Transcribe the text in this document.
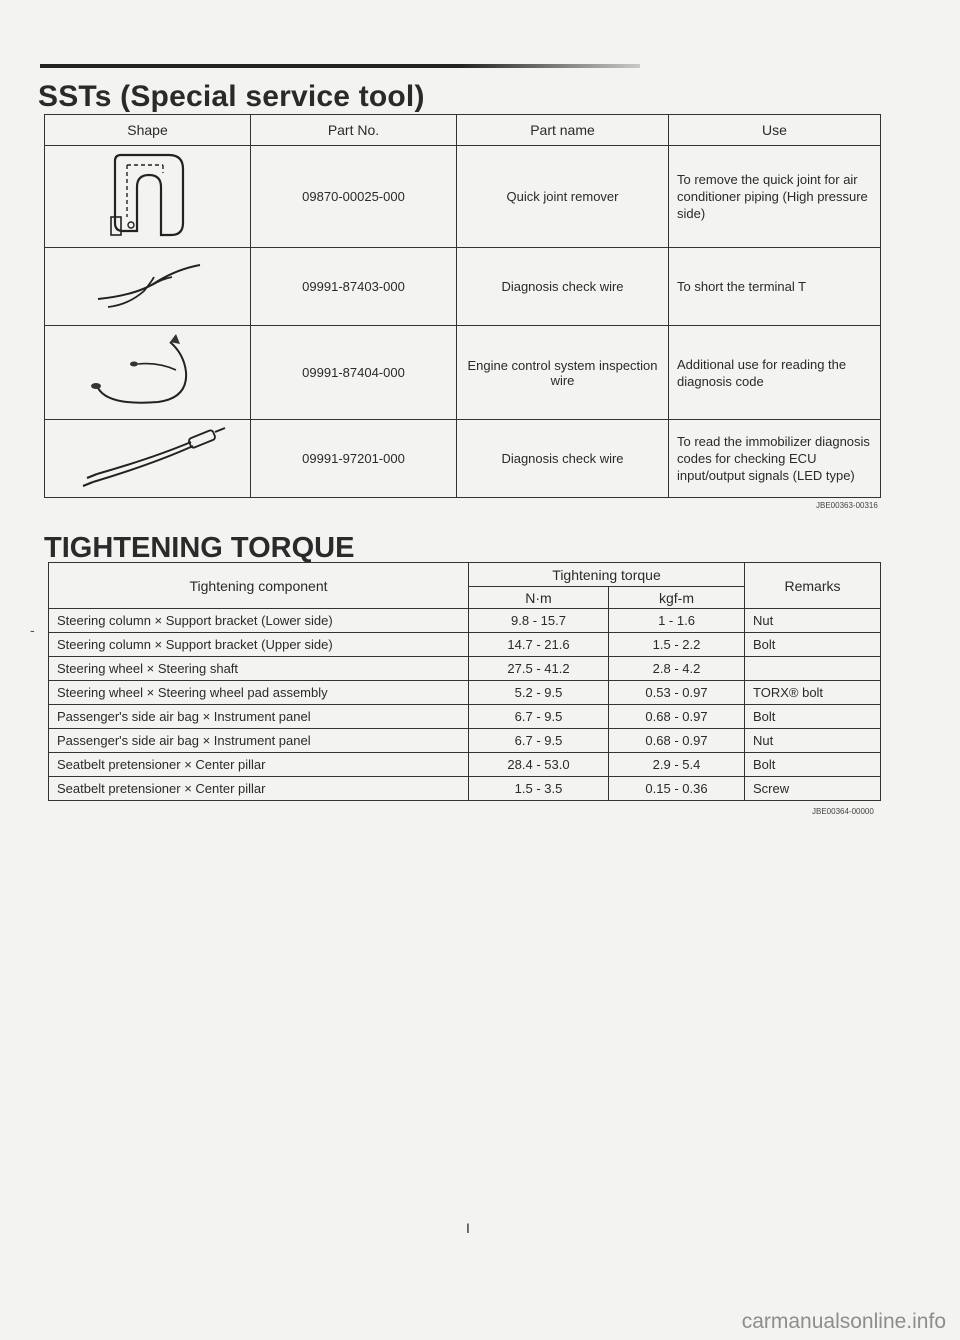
SSTs (Special service tool)
Shape	Part No.	Part name	Use
	09870-00025-000	Quick joint remover	To remove the quick joint for air conditioner piping (High pressure side)
	09991-87403-000	Diagnosis check wire	To short the terminal T
	09991-87404-000	Engine control system inspection wire	Additional use for reading the diagnosis code
	09991-97201-000	Diagnosis check wire	To read the immobilizer diagnosis codes for checking ECU input/output signals (LED type)
JBE00363-00316
TIGHTENING TORQUE
Tightening component	Tightening torque		Remarks
	N·m	kgf-m	
Steering column × Support bracket (Lower side)	9.8 - 15.7	1 - 1.6	Nut
Steering column × Support bracket (Upper side)	14.7 - 21.6	1.5 - 2.2	Bolt
Steering wheel × Steering shaft	27.5 - 41.2	2.8 - 4.2	
Steering wheel × Steering wheel pad assembly	5.2 - 9.5	0.53 - 0.97	TORX® bolt
Passenger's side air bag × Instrument panel	6.7 - 9.5	0.68 - 0.97	Bolt
Passenger's side air bag × Instrument panel	6.7 - 9.5	0.68 - 0.97	Nut
Seatbelt pretensioner × Center pillar	28.4 - 53.0	2.9 - 5.4	Bolt
Seatbelt pretensioner × Center pillar	1.5 - 3.5	0.15 - 0.36	Screw
JBE00364-00000
-
I
carmanualsonline.info
